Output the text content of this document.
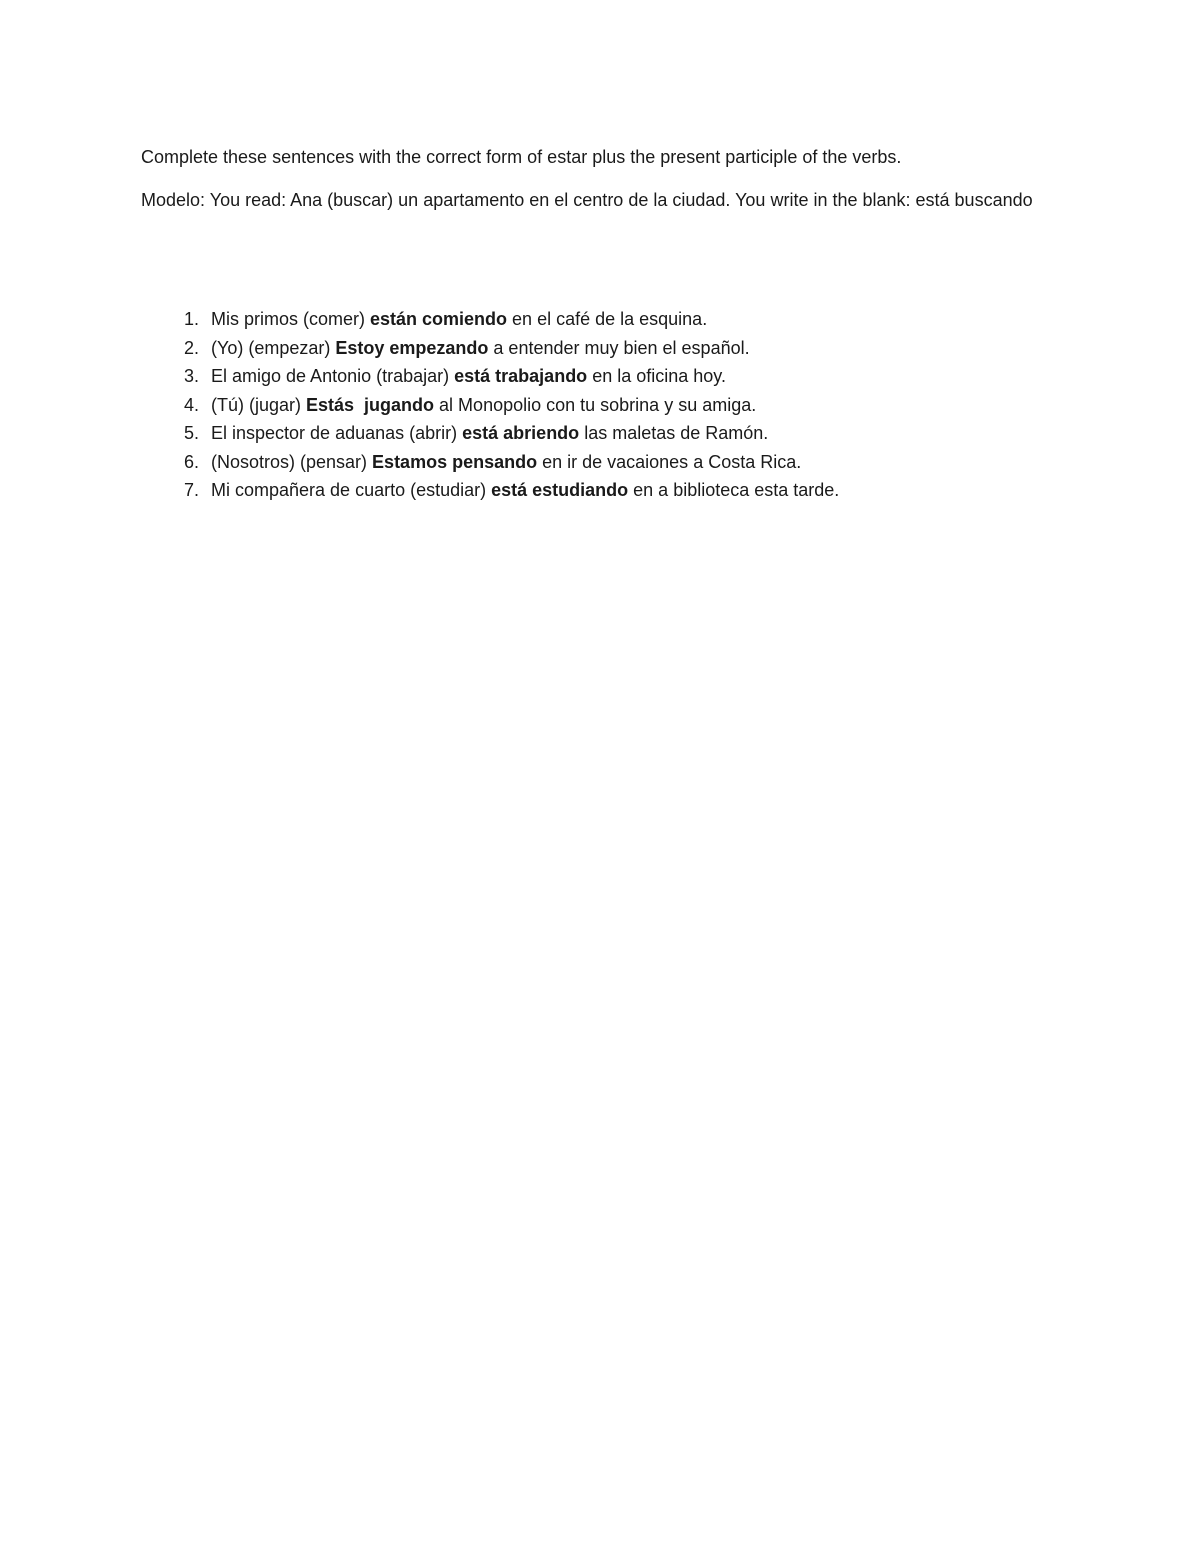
Complete these sentences with the correct form of estar plus the present participle of the verbs.

Modelo: You read: Ana (buscar) un apartamento en el centro de la ciudad. You write in the blank: está buscando

1. Mis primos (comer) están comiendo en el café de la esquina.
2. (Yo) (empezar) Estoy empezando a entender muy bien el español.
3. El amigo de Antonio (trabajar) está trabajando en la oficina hoy.
4. (Tú) (jugar) Estás  jugando al Monopolio con tu sobrina y su amiga.
5. El inspector de aduanas (abrir) está abriendo las maletas de Ramón.
6. (Nosotros) (pensar) Estamos pensando en ir de vacaiones a Costa Rica.
7. Mi compañera de cuarto (estudiar) está estudiando en a biblioteca esta tarde.
